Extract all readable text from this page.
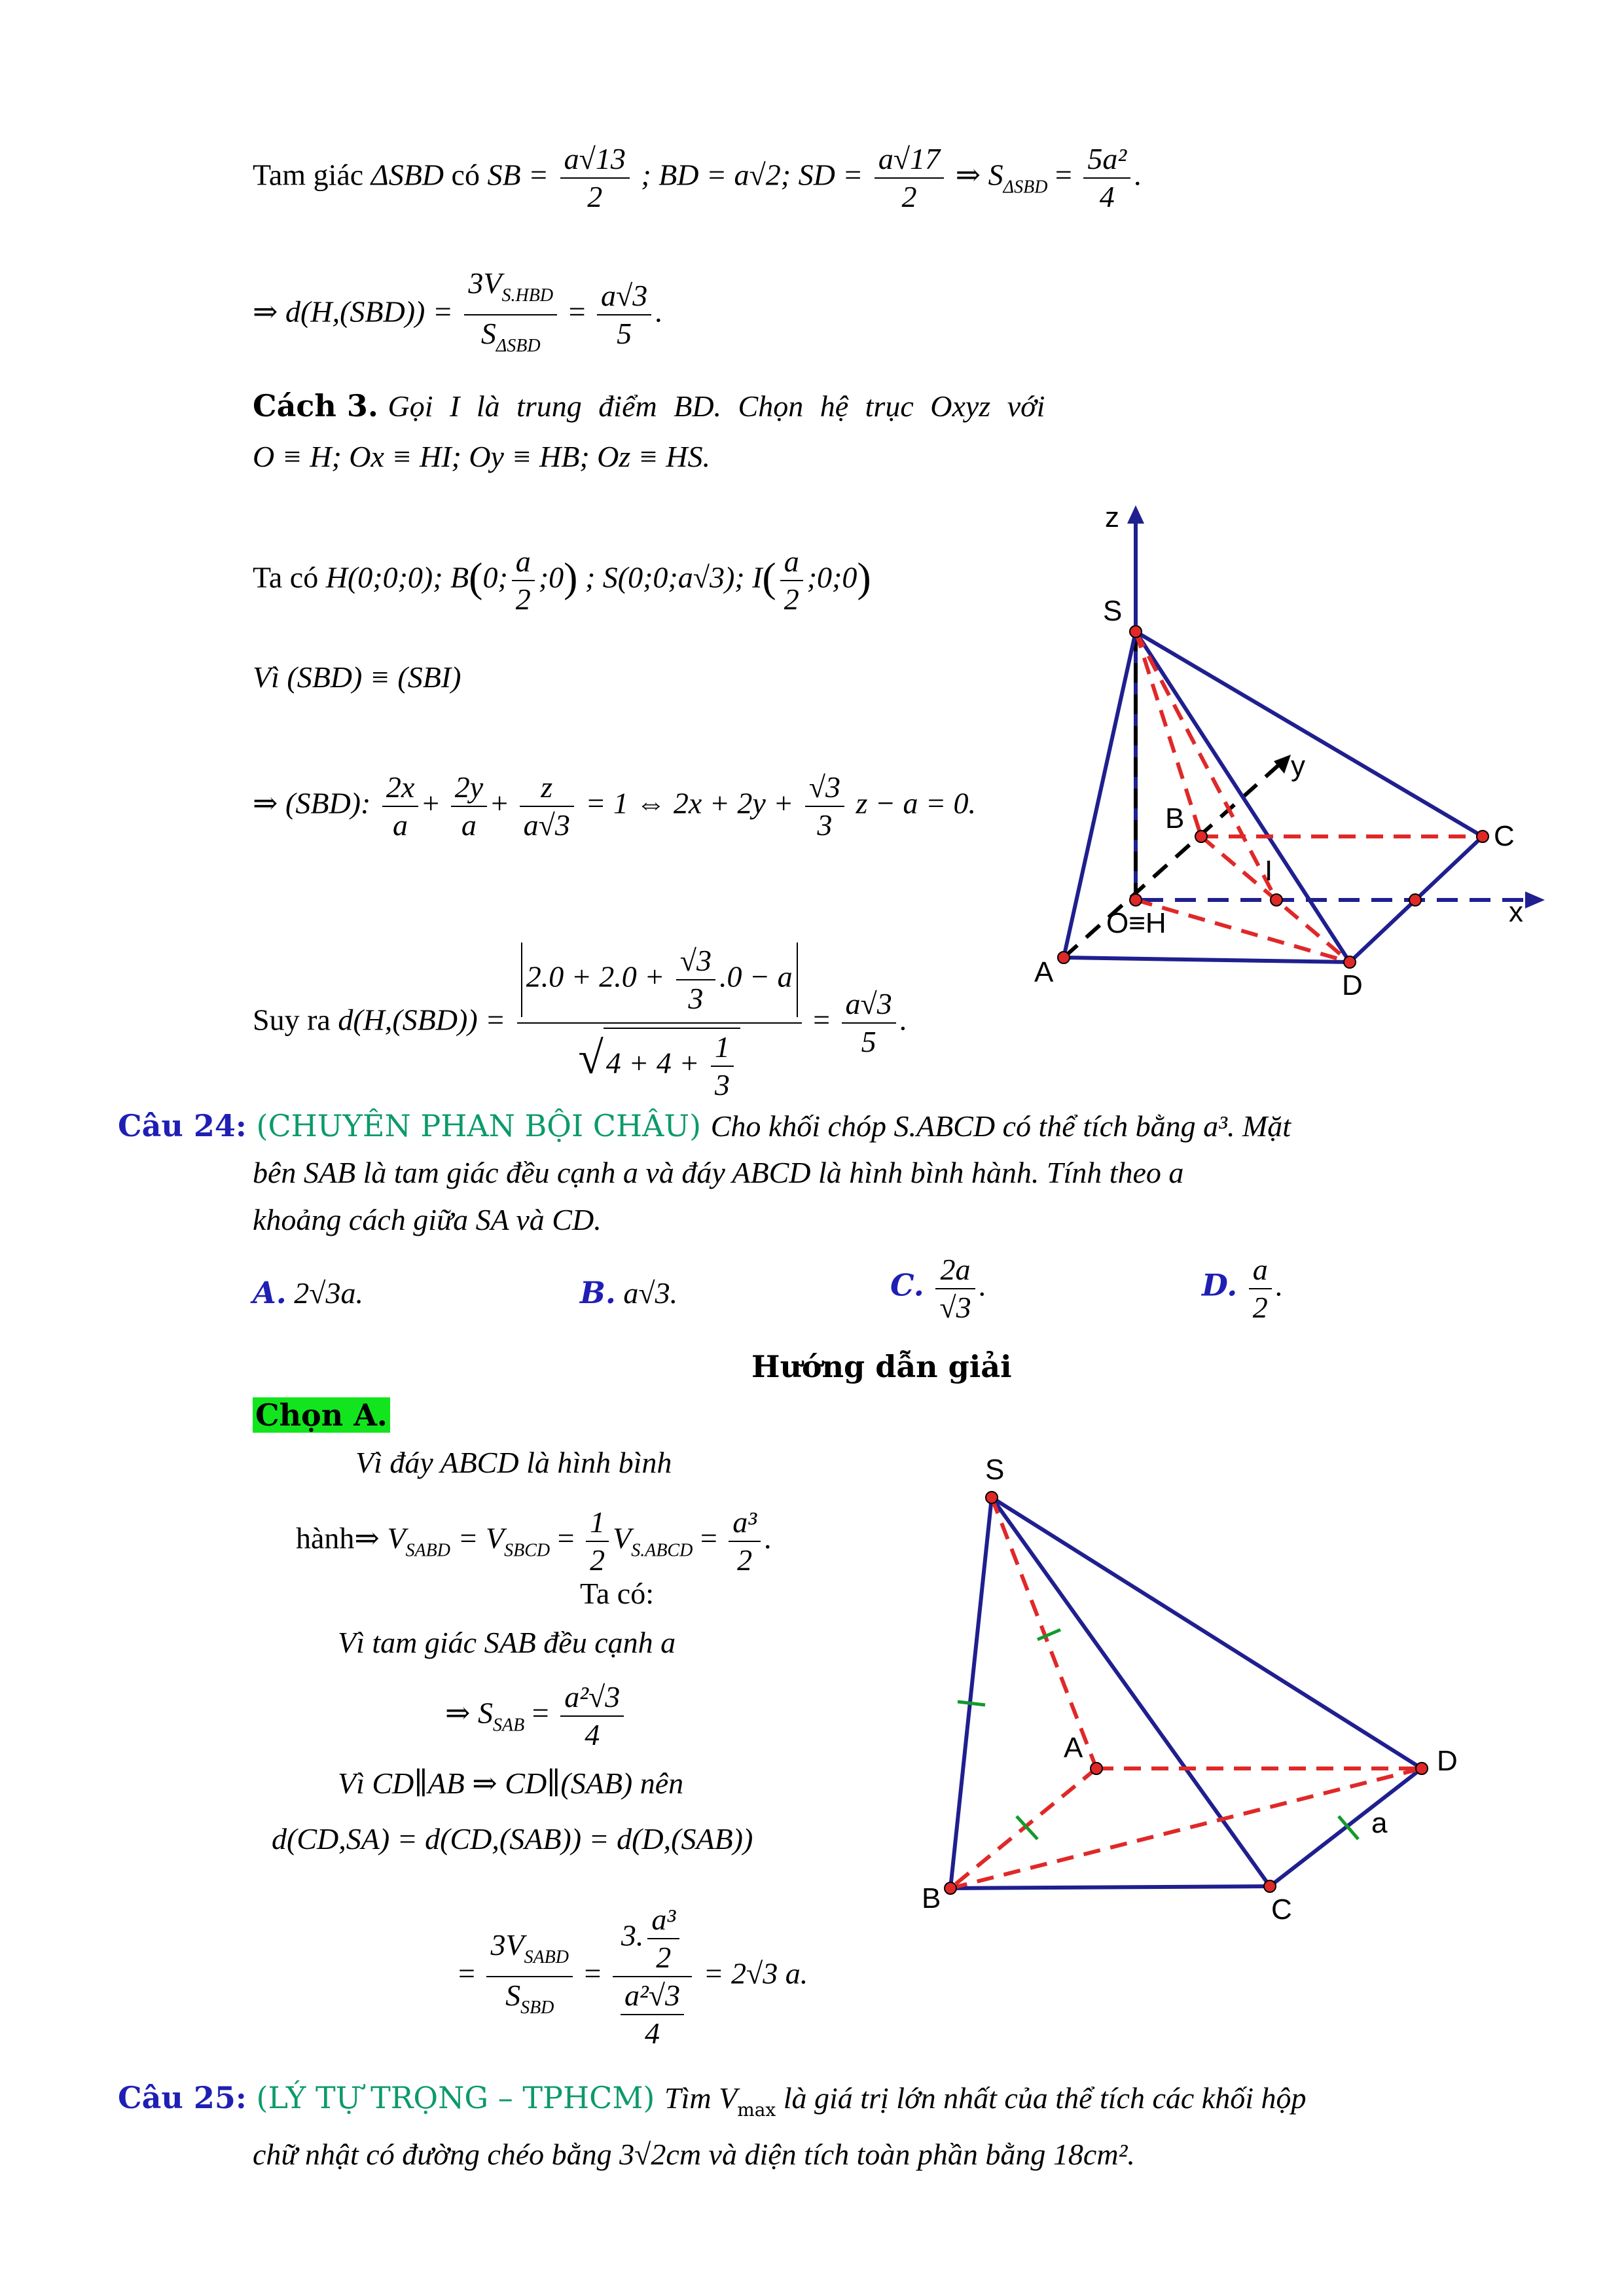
Tam giác ΔSBD có SB = $\frac{a√13}{2}$ ; BD = a√2; SD = $\frac{a√17}{2}$ ⇒ $S_{\Delta SBD} = \frac{\text{5a²}}{4}$ .
⇒ $d(H,(SBD)) = \frac{3V_{S.HBD}}{S_{\Delta SBD}} = \frac{a√3}{5}$ .
Cách 3. Gọi I là trung điểm BD. Chọn hệ trục Oxyz với
O ≡ H; Ox ≡ HI; Oy ≡ HB; Oz ≡ HS.
Ta có H(0;0;0); B(0; $\frac{a}{2}$ ;0) ; S(0;0;a√3); $I( \frac{a}{2}$ ;0;0)
Vì (SBD) ≡ (SBI)
⇒ (SBD): $\frac{2x}{a} + \frac{2y}{a} + \frac{z}{a√3} = 1$ ⇔ $2x + 2y + \frac{√3}{3}$ z − a = 0.
Suy ra $d(H,(SBD)) = \frac{2.0 + 2.0 + \frac{√3}{3} .0 - a}{√4 + 4 + \frac{1}{3}} = \frac{a√3}{5}$ .
z
S
y
B
C
I
O≡H	x
A	D
Câu 24: (CHUYÊN PHAN BỘI CHÂU) Cho khối chóp S.ABCD có thể tích bằng a³. Mặt
bên SAB là tam giác đều cạnh a và đáy ABCD là hình bình hành. Tính theo a
khoảng cách giữa SA và CD.
A. 2√3a.	B. a√3.	C. $\frac{2a}{√3}$ .	D. $\frac{a}{2}$ .
Hướng dẫn giải
Chọn A.
Vì đáy ABCD là hình bình
hành⇒ $V_{SABD} = V_{SBCD} = \frac{1}{2} V_{S.ABCD} = \frac{\text{a³}}{2}$ .
Ta có:
Vì tam giác SAB đều cạnh a
⇒ $S_{SAB} = \frac{\text{a²√3}}{4}$
Vì CD∥AB ⇒ CD∥(SAB) nên
d(CD,SA) = d(CD,(SAB)) = d(D,(SAB))
= $\frac{3V_{SABD}}{S_{SBD}} = \frac{3. \frac{\text{a³}}{2}}{\frac{\text{a²√3}}{4}} = 2√3$ a.
S
A	D
a
B	C
Câu 25: (LÝ TỰ TRỌNG – TPHCM) Tìm $V_{max}$ là giá trị lớn nhất của thể tích các khối hộp
chữ nhật có đường chéo bằng 3√2cm và diện tích toàn phần bằng 18cm².
